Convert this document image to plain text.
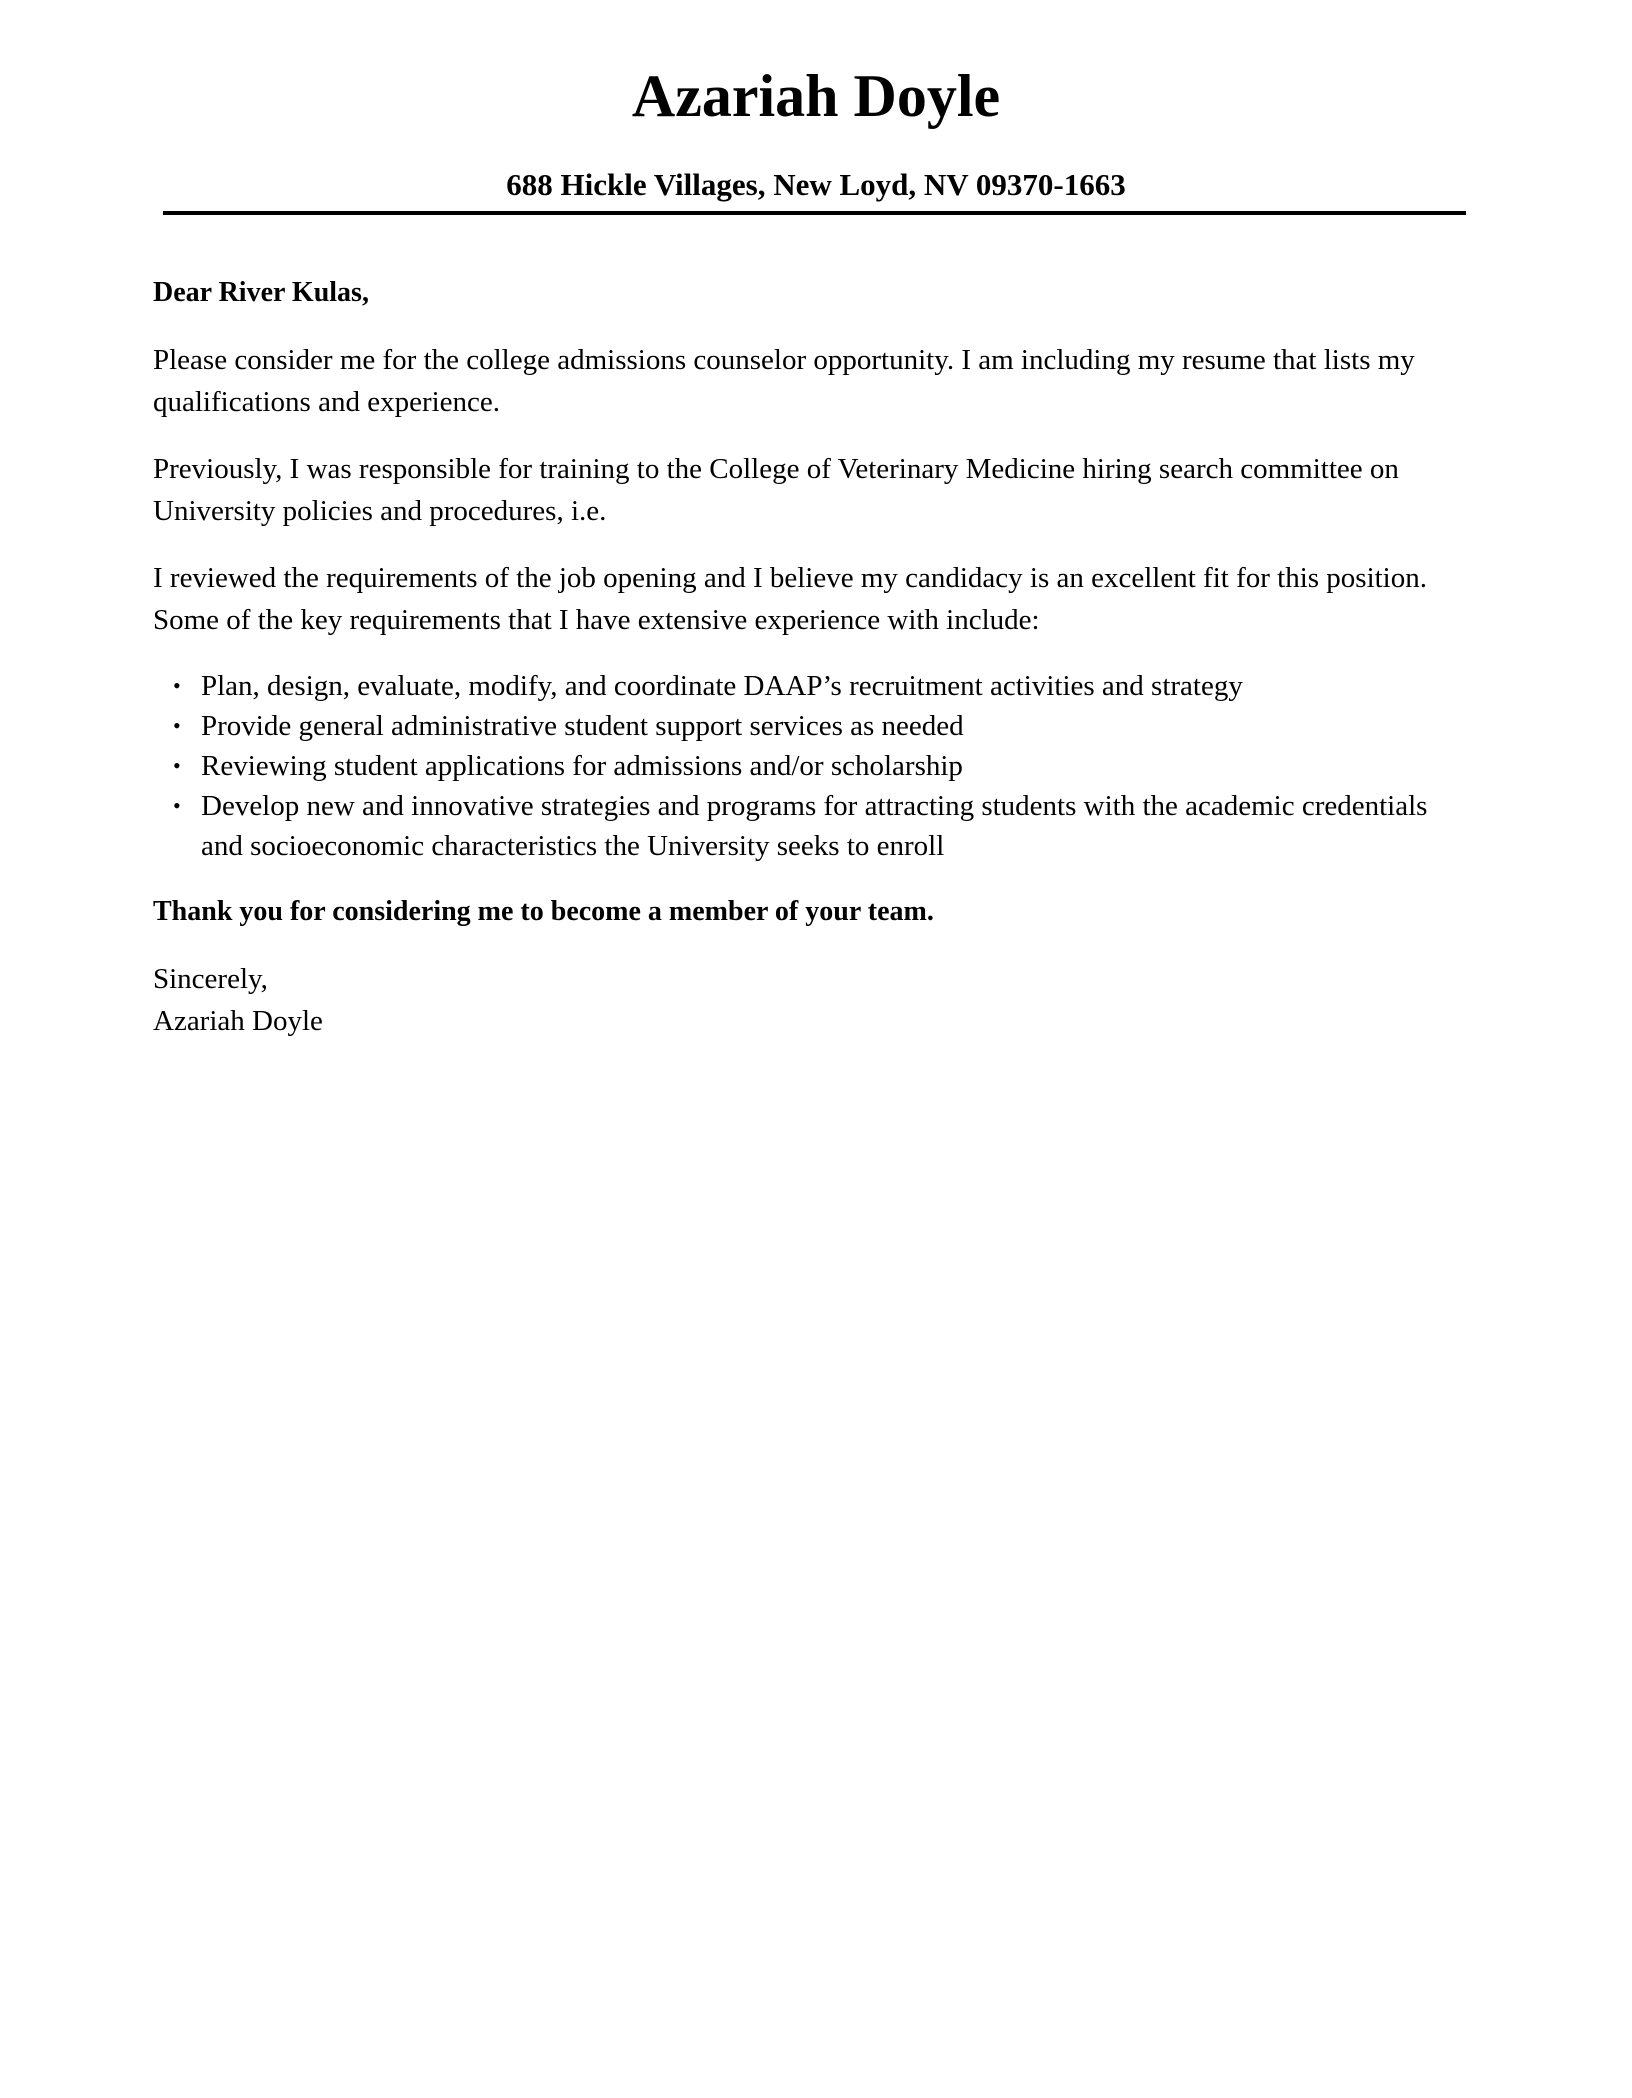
Azariah Doyle
688 Hickle Villages, New Loyd, NV 09370-1663
Dear River Kulas,

Please consider me for the college admissions counselor opportunity. I am including my resume that lists my qualifications and experience.

Previously, I was responsible for training to the College of Veterinary Medicine hiring search committee on University policies and procedures, i.e.

I reviewed the requirements of the job opening and I believe my candidacy is an excellent fit for this position. Some of the key requirements that I have extensive experience with include:

• Plan, design, evaluate, modify, and coordinate DAAP’s recruitment activities and strategy
• Provide general administrative student support services as needed
• Reviewing student applications for admissions and/or scholarship
• Develop new and innovative strategies and programs for attracting students with the academic credentials and socioeconomic characteristics the University seeks to enroll
Thank you for considering me to become a member of your team.
Sincerely,
Azariah Doyle
